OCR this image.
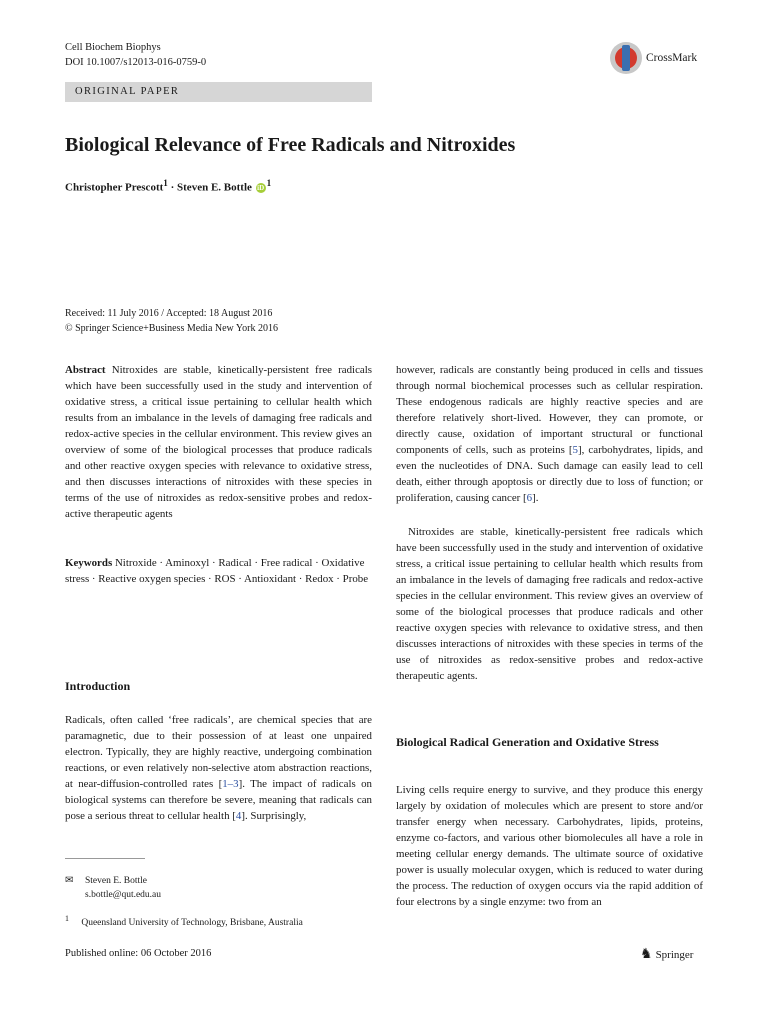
Cell Biochem Biophys
DOI 10.1007/s12013-016-0759-0
ORIGINAL PAPER
CrossMark
Biological Relevance of Free Radicals and Nitroxides
Christopher Prescott$^1$ · Steven E. Bottle $iD^1$
Received: 11 July 2016 / Accepted: 18 August 2016
© Springer Science+Business Media New York 2016

Abstract Nitroxides are stable, kinetically-persistent free radicals which have been successfully used in the study and intervention of oxidative stress, a critical issue pertaining to cellular health which results from an imbalance in the levels of damaging free radicals and redox-active species in the cellular environment. This review gives an overview of some of the biological processes that produce radicals and other reactive oxygen species with relevance to oxidative stress, and then discusses interactions of nitroxides with these species in terms of the use of nitroxides as redox-sensitive probes and redox-active therapeutic agents

Keywords Nitroxide · Aminoxyl · Radical · Free radical · Oxidative stress · Reactive oxygen species · ROS · Antioxidant · Redox · Probe

Introduction

Radicals, often called ‘free radicals’, are chemical species that are paramagnetic, due to their possession of at least one unpaired electron. Typically, they are highly reactive, undergoing combination reactions, or even relatively non-selective atom abstraction reactions, at near-diffusion-controlled rates [1–3]. The impact of radicals on biological systems can therefore be severe, meaning that radicals can pose a serious threat to cellular health [4]. Surprisingly,

✉ Steven E. Bottle
s.bottle@qut.edu.au
$^1$ Queensland University of Technology, Brisbane, Australia

however, radicals are constantly being produced in cells and tissues through normal biochemical processes such as cellular respiration. These endogenous radicals are highly reactive species and are therefore relatively short-lived. However, they can promote, or directly cause, oxidation of important structural or functional components of cells, such as proteins [5], carbohydrates, lipids, and even the nucleotides of DNA. Such damage can easily lead to cell death, either through apoptosis or directly due to loss of function; or proliferation, causing cancer [6].

Nitroxides are stable, kinetically-persistent free radicals which have been successfully used in the study and intervention of oxidative stress, a critical issue pertaining to cellular health which results from an imbalance in the levels of damaging free radicals and redox-active species in the cellular environment. This review gives an overview of some of the biological processes that produce radicals and other reactive oxygen species with relevance to oxidative stress, and then discusses interactions of nitroxides with these species in terms of the use of nitroxides as redox-sensitive probes and redox-active therapeutic agents.

Biological Radical Generation and Oxidative Stress

Living cells require energy to survive, and they produce this energy largely by oxidation of molecules which are present to store and/or transfer energy when necessary. Carbohydrates, lipids, proteins, enzyme co-factors, and various other biomolecules all have a role in meeting cellular energy demands. The ultimate source of oxidative power is usually molecular oxygen, which is reduced to water during the process. The reduction of oxygen occurs via the rapid addition of four electrons by a single enzyme: two from an

Published online: 06 October 2016	♞ Springer
